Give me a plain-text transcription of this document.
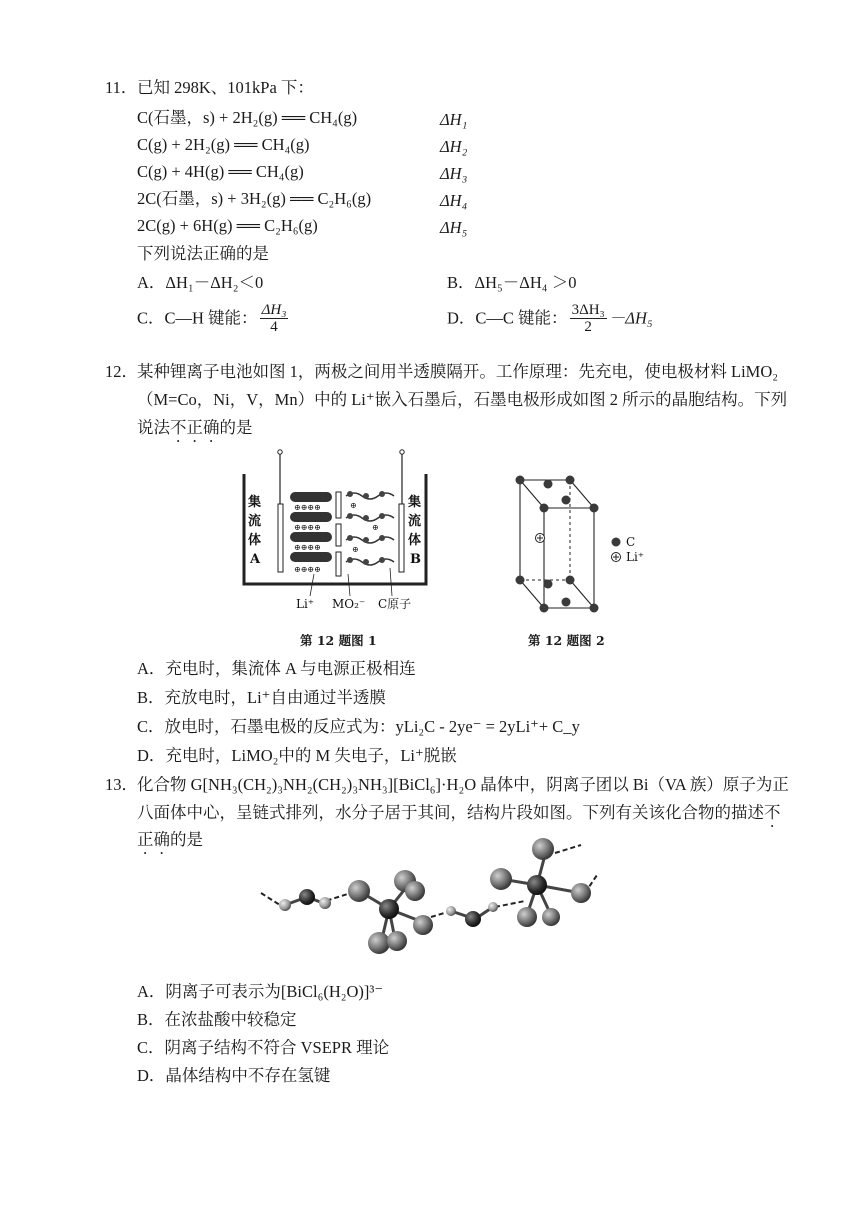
11． 已知 298K、101kPa 下：
C(石墨，s) + 2H₂(g) ══ CH₄(g)	ΔH₁
C(g) + 2H₂(g) ══ CH₄(g)	ΔH₂
C(g) + 4H(g) ══ CH₄(g)	ΔH₃
2C(石墨，s) + 3H₂(g) ══ C₂H₆(g)	ΔH₄
2C(g) + 6H(g) ══ C₂H₆(g)	ΔH₅
下列说法正确的是
A．ΔH₁－ΔH₂＜0	B．ΔH₅－ΔH₄ ＞0
C．C—H 键能： $\frac{\text{ΔH₃}}{4}$	D．C—C 键能： $\frac{\text{3ΔH₃}}{2} -\Delta H_5$
12． 某种锂离子电池如图 1，两极之间用半透膜隔开。工作原理：先充电，使电极材料 LiMO₂
（M=Co，Ni，V，Mn）中的 Li⁺嵌入石墨后，石墨电极形成如图 2 所示的晶胞结构。下列
说法不正确的是
⊕⊕⊕⊕
⊕⊕⊕⊕
⊕⊕⊕⊕
⊕⊕⊕⊕
⊕
⊕
⊕
集
流
体
A
集
流
体
B
Li⁺ MO₂⁻ C原子
第 12 题图 1
C
Li⁺
第 12 题图 2
A．充电时，集流体 A 与电源正极相连
B．充放电时，Li⁺自由通过半透膜
C．放电时，石墨电极的反应式为：yLi₂C - 2ye⁻ = 2yLi⁺+ C_y
D．充电时，LiMO₂中的 M 失电子，Li⁺脱嵌
13． 化合物 G[NH₃(CH₂)₃NH₂(CH₂)₃NH₃][BiCl₆]·H₂O 晶体中，阴离子团以 Bi（VA 族）原子为正
八面体中心，呈链式排列，水分子居于其间，结构片段如图。下列有关该化合物的描述不
正确的是
A．阴离子可表示为[BiCl₆(H₂O)]³⁻
B．在浓盐酸中较稳定
C．阴离子结构不符合 VSEPR 理论
D．晶体结构中不存在氢键
